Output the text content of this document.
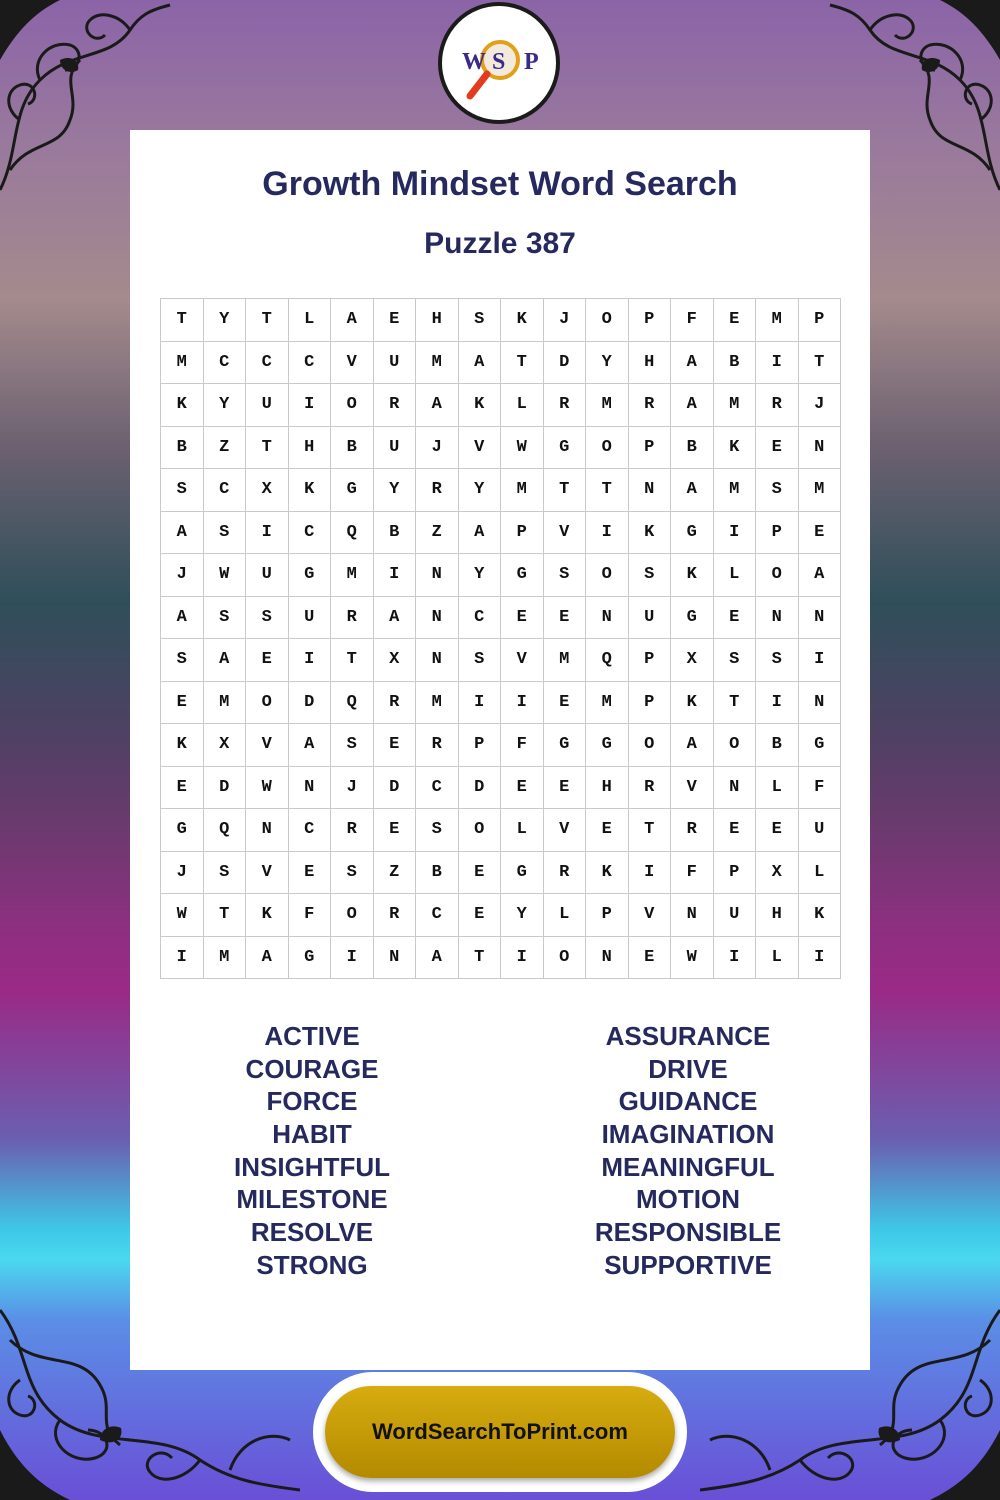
W S P
Growth Mindset Word Search
Puzzle 387
T	Y	T	L	A	E	H	S	K	J	O	P	F	E	M	P
M	C	C	C	V	U	M	A	T	D	Y	H	A	B	I	T
K	Y	U	I	O	R	A	K	L	R	M	R	A	M	R	J
B	Z	T	H	B	U	J	V	W	G	O	P	B	K	E	N
S	C	X	K	G	Y	R	Y	M	T	T	N	A	M	S	M
A	S	I	C	Q	B	Z	A	P	V	I	K	G	I	P	E
J	W	U	G	M	I	N	Y	G	S	O	S	K	L	O	A
A	S	S	U	R	A	N	C	E	E	N	U	G	E	N	N
S	A	E	I	T	X	N	S	V	M	Q	P	X	S	S	I
E	M	O	D	Q	R	M	I	I	E	M	P	K	T	I	N
K	X	V	A	S	E	R	P	F	G	G	O	A	O	B	G
E	D	W	N	J	D	C	D	E	E	H	R	V	N	L	F
G	Q	N	C	R	E	S	O	L	V	E	T	R	E	E	U
J	S	V	E	S	Z	B	E	G	R	K	I	F	P	X	L
W	T	K	F	O	R	C	E	Y	L	P	V	N	U	H	K
I	M	A	G	I	N	A	T	I	O	N	E	W	I	L	I
ACTIVE
COURAGE
FORCE
HABIT
INSIGHTFUL
MILESTONE
RESOLVE
STRONG
ASSURANCE
DRIVE
GUIDANCE
IMAGINATION
MEANINGFUL
MOTION
RESPONSIBLE
SUPPORTIVE
WordSearchToPrint.com
